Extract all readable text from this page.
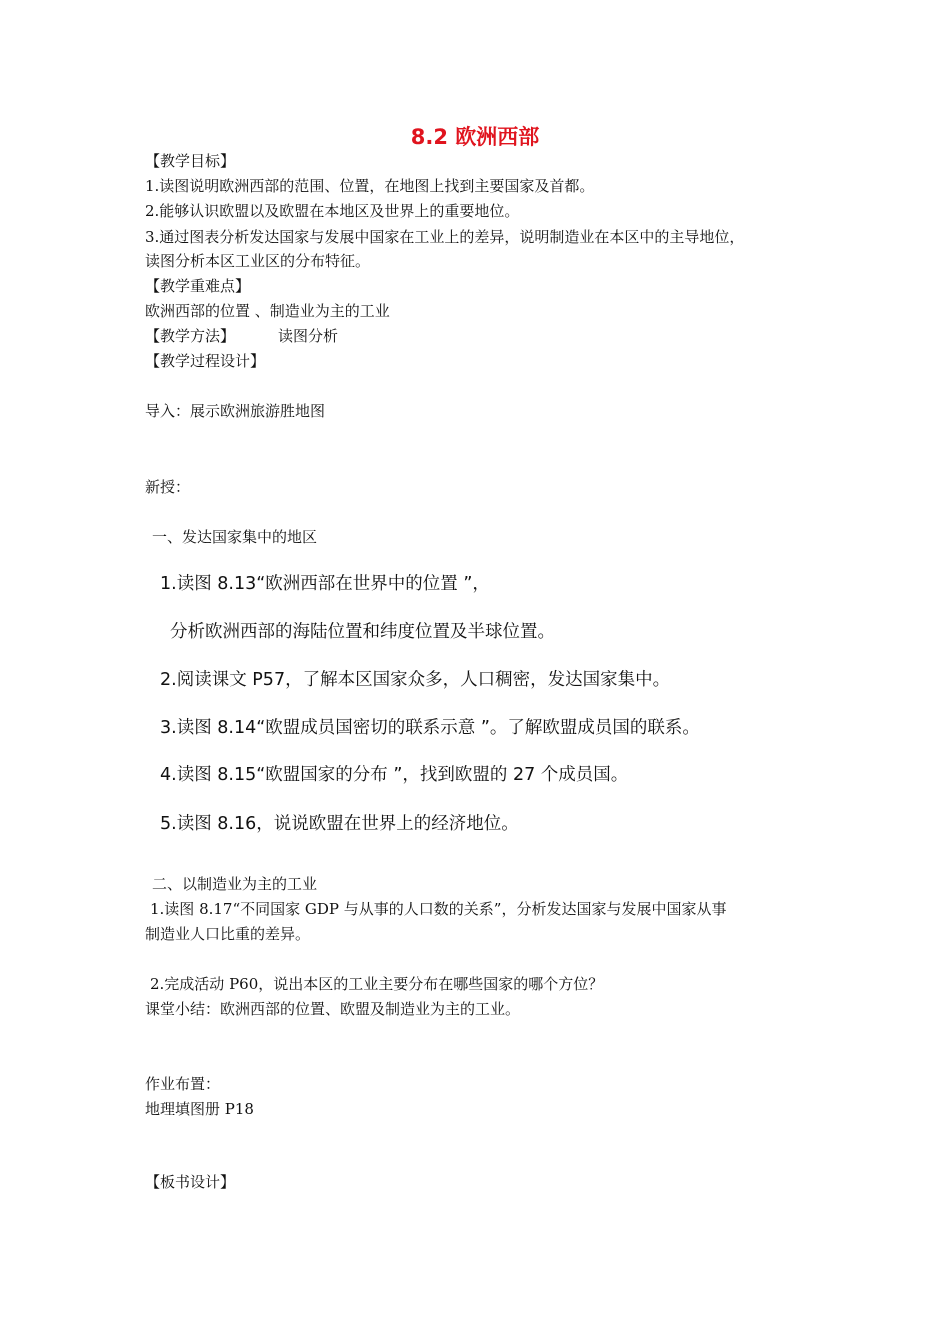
8.2 欧洲西部
【教学目标】
1.读图说明欧洲西部的范围、位置，在地图上找到主要国家及首都。
2.能够认识欧盟以及欧盟在本地区及世界上的重要地位。
3.通过图表分析发达国家与发展中国家在工业上的差异，说明制造业在本区中的主导地位，
读图分析本区工业区的分布特征。
【教学重难点】
欧洲西部的位置 、制造业为主的工业
【教学方法】	读图分析
【教学过程设计】
导入：展示欧洲旅游胜地图
新授：
一、发达国家集中的地区
1.读图 8.13“欧洲西部在世界中的位置 ”，
分析欧洲西部的海陆位置和纬度位置及半球位置。
2.阅读课文 P57，了解本区国家众多，人口稠密，发达国家集中。
3.读图 8.14“欧盟成员国密切的联系示意 ”。了解欧盟成员国的联系。
4.读图 8.15“欧盟国家的分布 ”，找到欧盟的 27 个成员国。
5.读图 8.16，说说欧盟在世界上的经济地位。
二、以制造业为主的工业
1.读图 8.17“不同国家 GDP 与从事的人口数的关系”，分析发达国家与发展中国家从事
制造业人口比重的差异。
2.完成活动 P60，说出本区的工业主要分布在哪些国家的哪个方位？
课堂小结：欧洲西部的位置、欧盟及制造业为主的工业。
作业布置：
地理填图册 P18
【板书设计】
